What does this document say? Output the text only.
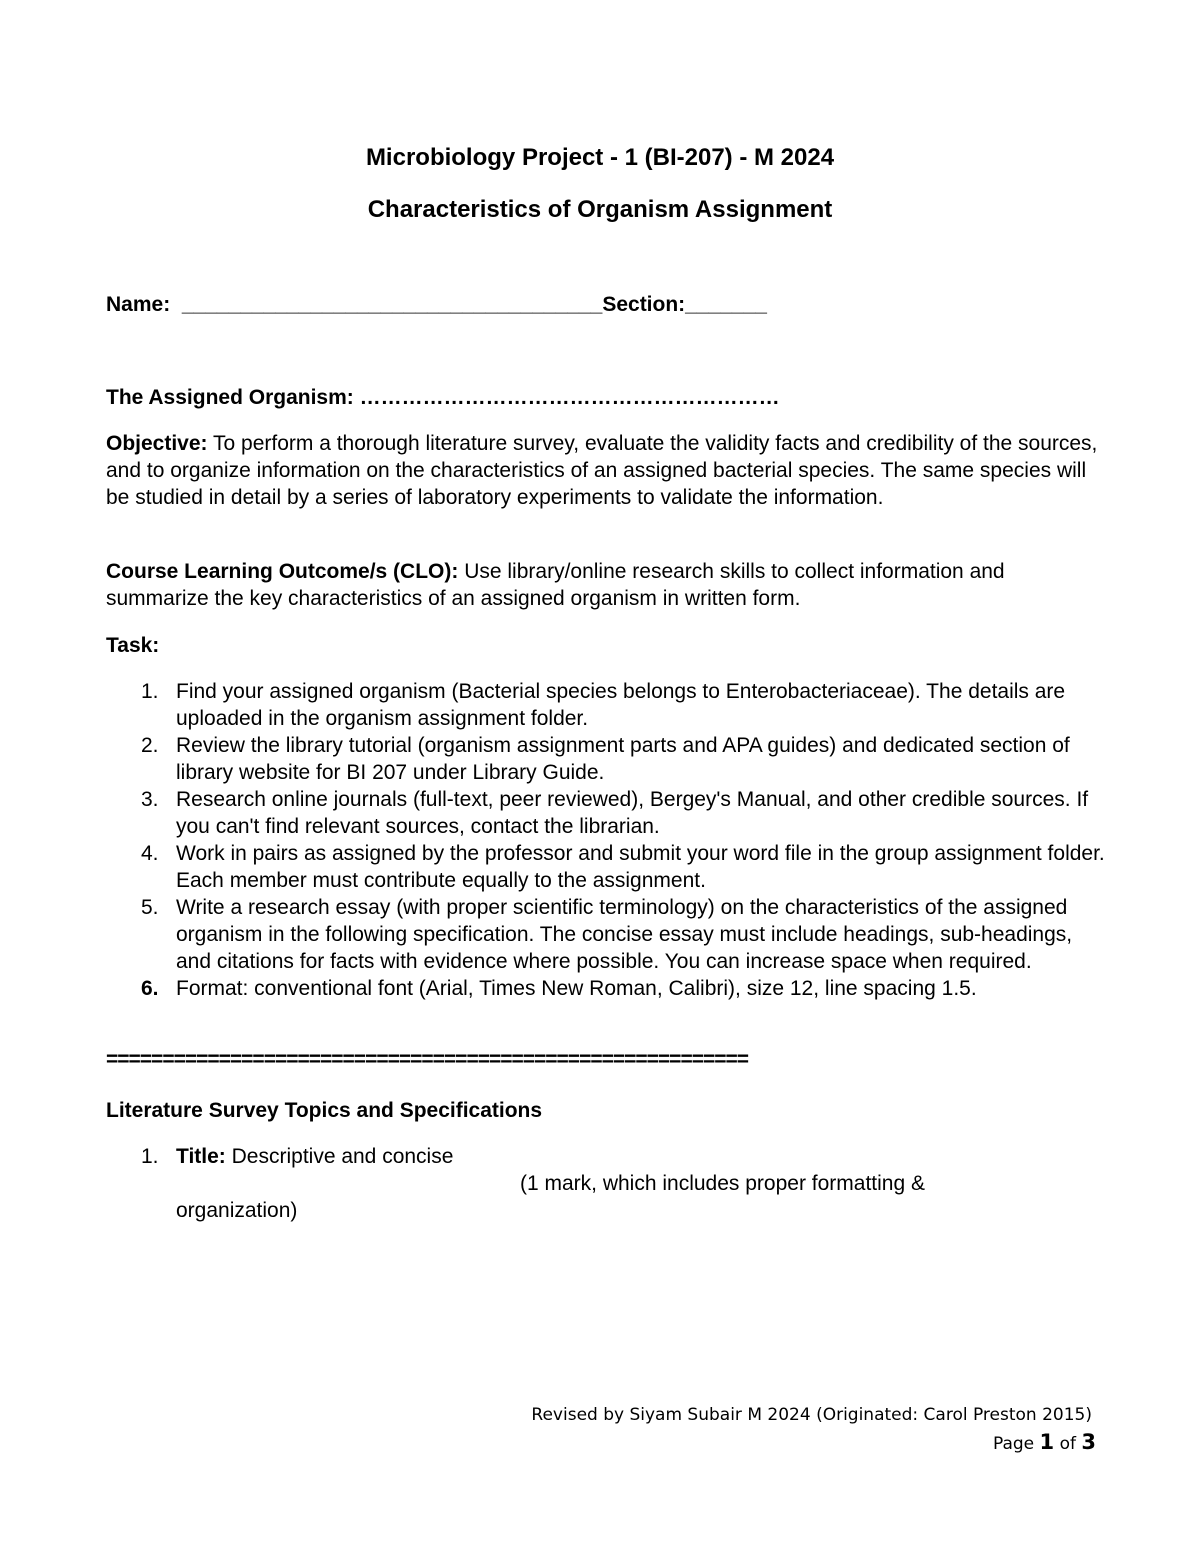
Microbiology Project - 1 (BI-207) - M 2024
Characteristics of Organism Assignment
Name: ____________________________________Section:_______
The Assigned Organism: ……………………………………………………
Objective: To perform a thorough literature survey, evaluate the validity facts and credibility of the sources, and to organize information on the characteristics of an assigned bacterial species. The same species will be studied in detail by a series of laboratory experiments to validate the information.
Course Learning Outcome/s (CLO): Use library/online research skills to collect information and summarize the key characteristics of an assigned organism in written form.
Task:
1. Find your assigned organism (Bacterial species belongs to Enterobacteriaceae). The details are uploaded in the organism assignment folder.
2. Review the library tutorial (organism assignment parts and APA guides) and dedicated section of library website for BI 207 under Library Guide.
3. Research online journals (full-text, peer reviewed), Bergey's Manual, and other credible sources. If you can't find relevant sources, contact the librarian.
4. Work in pairs as assigned by the professor and submit your word file in the group assignment folder. Each member must contribute equally to the assignment.
5. Write a research essay (with proper scientific terminology) on the characteristics of the assigned organism in the following specification. The concise essay must include headings, sub-headings, and citations for facts with evidence where possible. You can increase space when required.
6. Format: conventional font (Arial, Times New Roman, Calibri), size 12, line spacing 1.5.
=========================================================
Literature Survey Topics and Specifications
1. Title: Descriptive and concise
(1 mark, which includes proper formatting &
organization)
Revised by Siyam Subair M 2024 (Originated: Carol Preston 2015)
Page 1 of 3
